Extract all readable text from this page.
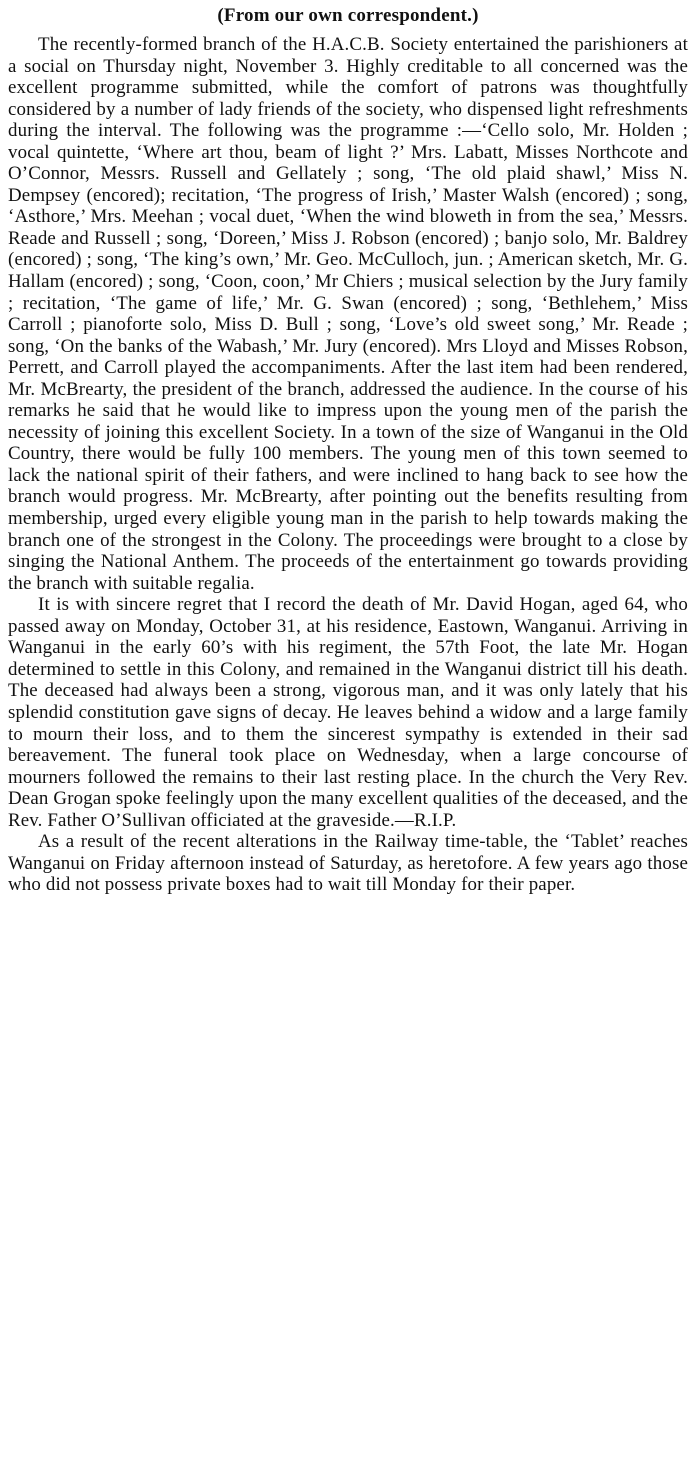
(From our own correspondent.)

The recently-formed branch of the H.A.C.B. Society entertained the parishioners at a social on Thursday night, November 3. Highly creditable to all concerned was the excellent programme submitted, while the comfort of patrons was thoughtfully considered by a number of lady friends of the society, who dispensed light refreshments during the interval. The following was the programme :—‘Cello solo, Mr. Holden ; vocal quintette, ‘Where art thou, beam of light ?’ Mrs. Labatt, Misses Northcote and O’Connor, Messrs. Russell and Gellately ; song, ‘The old plaid shawl,’ Miss N. Dempsey (encored); recitation, ‘The progress of Irish,’ Master Walsh (encored) ; song, ‘Asthore,’ Mrs. Meehan ; vocal duet, ‘When the wind bloweth in from the sea,’ Messrs. Reade and Russell ; song, ‘Doreen,’ Miss J. Robson (encored) ; banjo solo, Mr. Baldrey (encored) ; song, ‘The king’s own,’ Mr. Geo. McCulloch, jun. ; American sketch, Mr. G. Hallam (encored) ; song, ‘Coon, coon,’ Mr Chiers ; musical selection by the Jury family ; recitation, ‘The game of life,’ Mr. G. Swan (encored) ; song, ‘Bethlehem,’ Miss Carroll ; pianoforte solo, Miss D. Bull ; song, ‘Love’s old sweet song,’ Mr. Reade ; song, ‘On the banks of the Wabash,’ Mr. Jury (encored). Mrs Lloyd and Misses Robson, Perrett, and Carroll played the accompaniments. After the last item had been rendered, Mr. McBrearty, the president of the branch, addressed the audience. In the course of his remarks he said that he would like to impress upon the young men of the parish the necessity of joining this excellent Society. In a town of the size of Wanganui in the Old Country, there would be fully 100 members. The young men of this town seemed to lack the national spirit of their fathers, and were inclined to hang back to see how the branch would progress. Mr. McBrearty, after pointing out the benefits resulting from membership, urged every eligible young man in the parish to help towards making the branch one of the strongest in the Colony. The proceedings were brought to a close by singing the National Anthem. The proceeds of the entertainment go towards providing the branch with suitable regalia.

It is with sincere regret that I record the death of Mr. David Hogan, aged 64, who passed away on Monday, October 31, at his residence, Eastown, Wanganui. Arriving in Wanganui in the early 60’s with his regiment, the 57th Foot, the late Mr. Hogan determined to settle in this Colony, and remained in the Wanganui district till his death. The deceased had always been a strong, vigorous man, and it was only lately that his splendid constitution gave signs of decay. He leaves behind a widow and a large family to mourn their loss, and to them the sincerest sympathy is extended in their sad bereavement. The funeral took place on Wednesday, when a large concourse of mourners followed the remains to their last resting place. In the church the Very Rev. Dean Grogan spoke feelingly upon the many excellent qualities of the deceased, and the Rev. Father O’Sullivan officiated at the graveside.—R.I.P.

As a result of the recent alterations in the Railway time-table, the ‘Tablet’ reaches Wanganui on Friday afternoon instead of Saturday, as heretofore. A few years ago those who did not possess private boxes had to wait till Monday for their paper.
